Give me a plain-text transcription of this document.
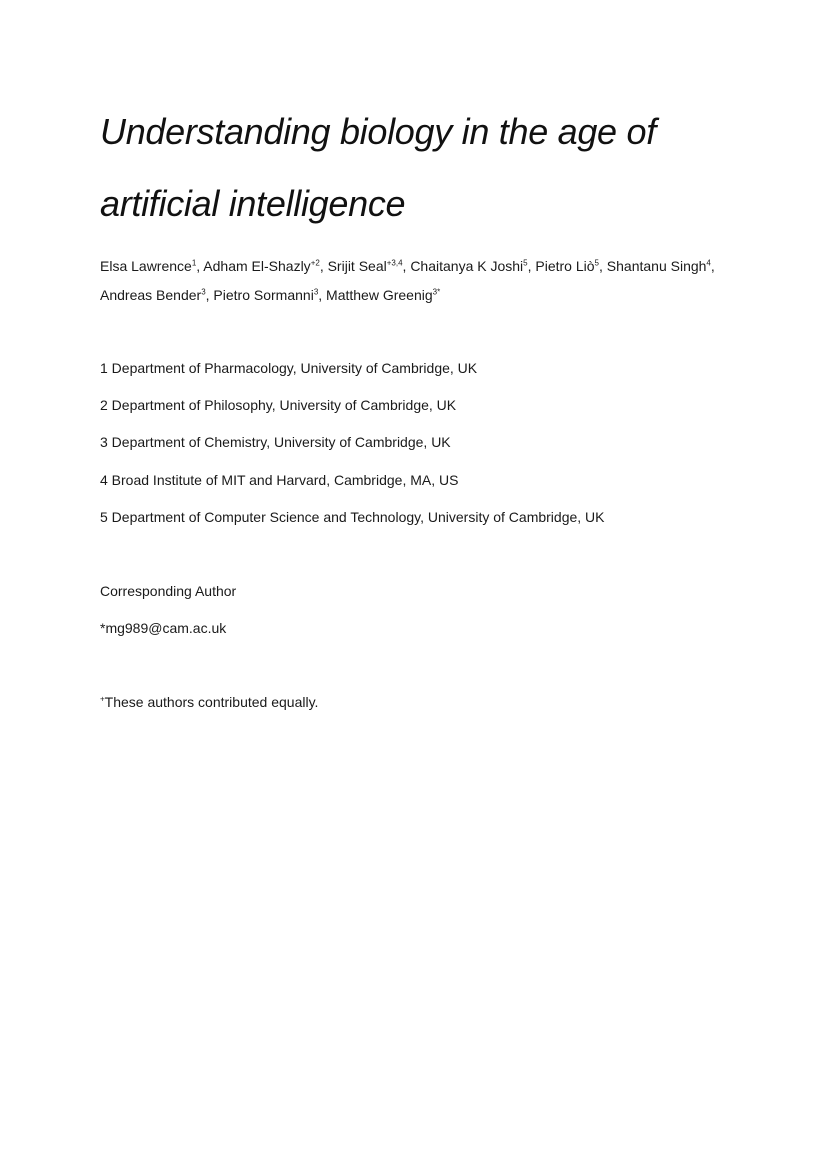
Understanding biology in the age of artificial intelligence

Elsa Lawrence$^1$, Adham El-Shazly$^{+2}$, Srijit Seal$^{+3,4}$, Chaitanya K Joshi$^5$, Pietro Liò$^5$, Shantanu Singh$^4$, Andreas Bender$^3$, Pietro Sormanni$^3$, Matthew Greenig$^{3*}$

1 Department of Pharmacology, University of Cambridge, UK

2 Department of Philosophy, University of Cambridge, UK

3 Department of Chemistry, University of Cambridge, UK

4 Broad Institute of MIT and Harvard, Cambridge, MA, US

5 Department of Computer Science and Technology, University of Cambridge, UK

Corresponding Author

*mg989@cam.ac.uk

+These authors contributed equally.
